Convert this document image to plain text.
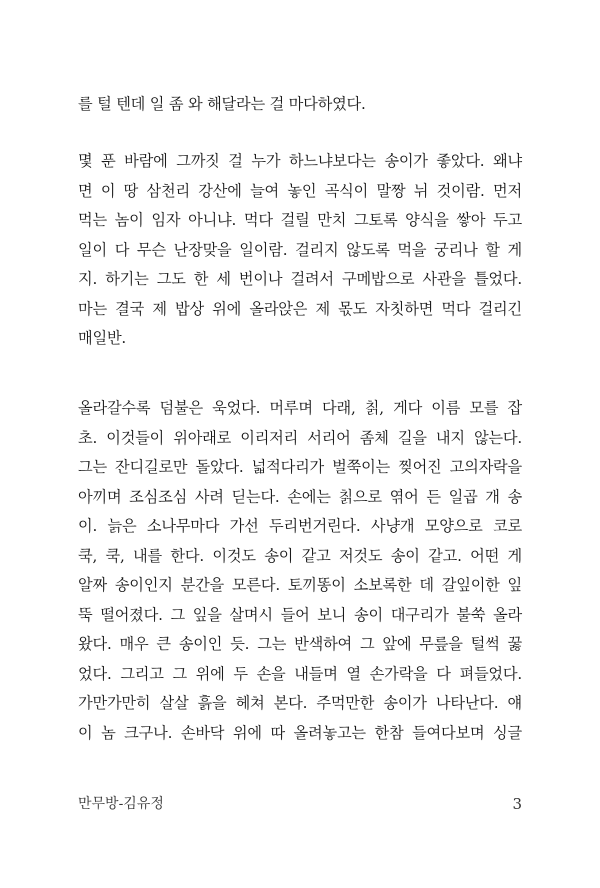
를 털 텐데 일 좀 와 해달라는 걸 마다하였다.
몇 푼 바람에 그까짓 걸 누가 하느냐보다는 송이가 좋았다. 왜냐
면 이 땅 삼천리 강산에 늘여 놓인 곡식이 말짱 뉘 것이람. 먼저
먹는 놈이 임자 아니냐. 먹다 걸릴 만치 그토록 양식을 쌓아 두고
일이 다 무슨 난장맞을 일이람. 걸리지 않도록 먹을 궁리나 할 게
지. 하기는 그도 한 세 번이나 걸려서 구메밥으로 사관을 틀었다.
마는 결국 제 밥상 위에 올라앉은 제 몫도 자칫하면 먹다 걸리긴
매일반.
올라갈수록 덤불은 욱었다. 머루며 다래, 칡, 게다 이름 모를 잡
초. 이것들이 위아래로 이리저리 서리어 좀체 길을 내지 않는다.
그는 잔디길로만 돌았다. 넓적다리가 벌쭉이는 찢어진 고의자락을
아끼며 조심조심 사려 딛는다. 손에는 칡으로 엮어 든 일곱 개 송
이. 늙은 소나무마다 가선 두리번거린다. 사냥개 모양으로 코로
쿡, 쿡, 내를 한다. 이것도 송이 같고 저것도 송이 같고. 어떤 게
알짜 송이인지 분간을 모른다. 토끼똥이 소보록한 데 갈잎이한 잎
뚝 떨어졌다. 그 잎을 살며시 들어 보니 송이 대구리가 불쑥 올라
왔다. 매우 큰 송이인 듯. 그는 반색하여 그 앞에 무릎을 털썩 꿇
었다. 그리고 그 위에 두 손을 내들며 열 손가락을 다 펴들었다.
가만가만히 살살 흙을 헤쳐 본다. 주먹만한 송이가 나타난다. 얘
이 놈 크구나. 손바닥 위에 따 올려놓고는 한참 들여다보며 싱글
만무방-김유정	3
